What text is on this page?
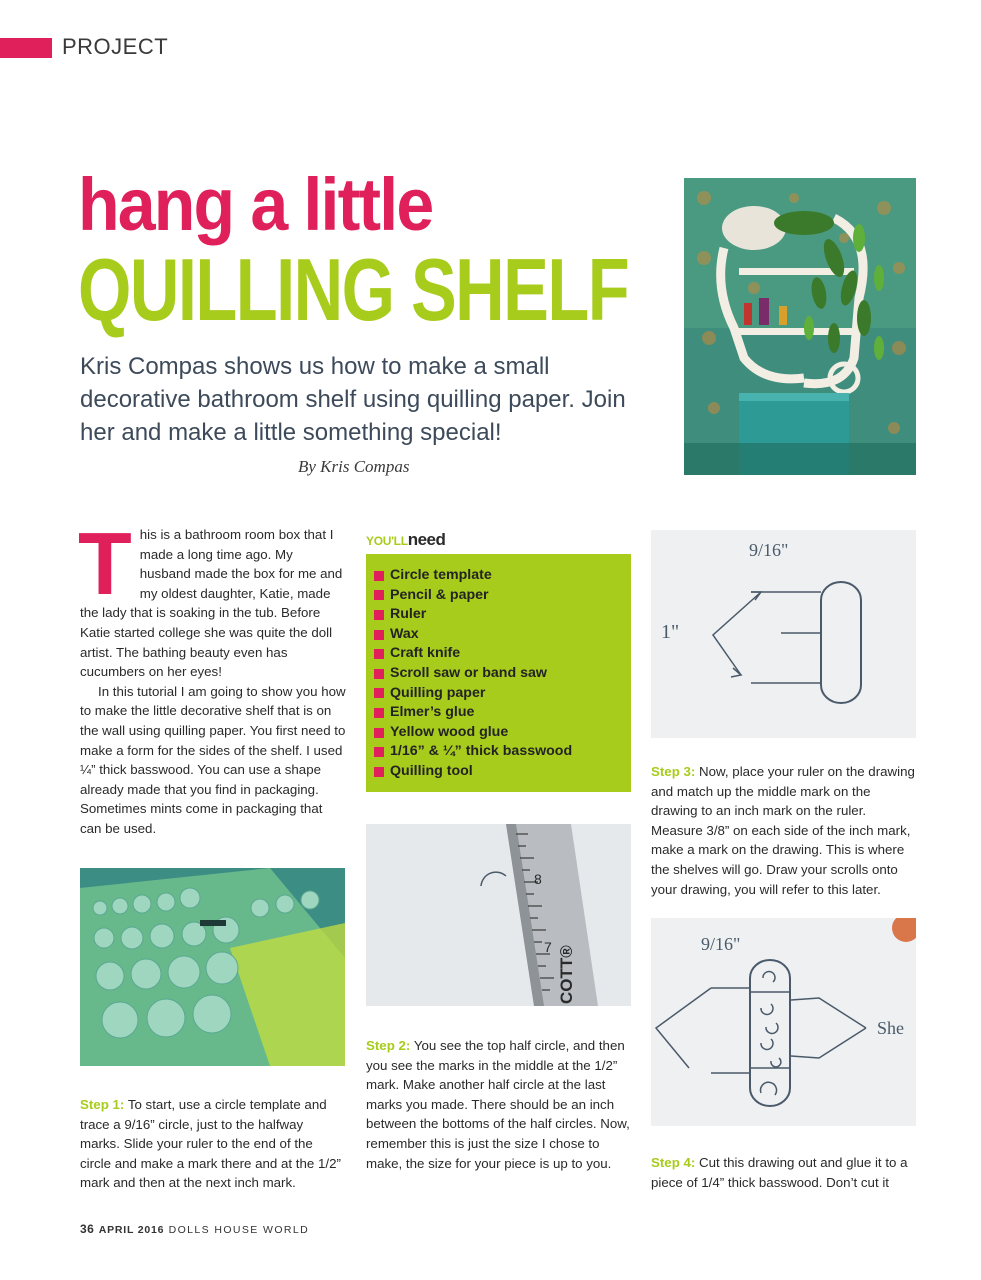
PROJECT
hang a little
QUILLING SHELF
Kris Compas shows us how to make a small decorative bathroom shelf using quilling paper. Join her and make a little something special!
By Kris Compas
T his is a bathroom room box that I made a long time ago. My husband made the box for me and my oldest daughter, Katie, made the lady that is soaking in the tub. Before Katie started college she was quite the doll artist. The bathing beauty even has cucumbers on her eyes!

In this tutorial I am going to show you how to make the little decorative shelf that is on the wall using quilling paper. You first need to make a form for the sides of the shelf. I used ¼” thick basswood. You can use a shape already made that you find in packaging. Sometimes mints come in packaging that can be used.

YOU'LLneed
Circle template
Pencil & paper
Ruler
Wax
Craft knife
Scroll saw or band saw
Quilling paper
Elmer’s glue
Yellow wood glue
1/16” & ¼” thick basswood
Quilling tool
9/16"
1"
Step 3: Now, place your ruler on the drawing and match up the middle mark on the drawing to an inch mark on the ruler. Measure 3/8” on each side of the inch mark, make a mark on the drawing. This is where the shelves will go. Draw your scrolls onto your drawing, you will refer to this later.
8
7 COTT®
9/16"
She
Step 1: To start, use a circle template and trace a 9/16” circle, just to the halfway marks. Slide your ruler to the end of the circle and make a mark there and at the 1/2” mark and then at the next inch mark.
Step 2: You see the top half circle, and then you see the marks in the middle at the 1/2” mark. Make another half circle at the last marks you made. There should be an inch between the bottoms of the half circles. Now, remember this is just the size I chose to make, the size for your piece is up to you.	Step 4: Cut this drawing out and glue it to a piece of 1/4” thick basswood. Don’t cut it
36 APRIL 2016 DOLLS HOUSE WORLD
